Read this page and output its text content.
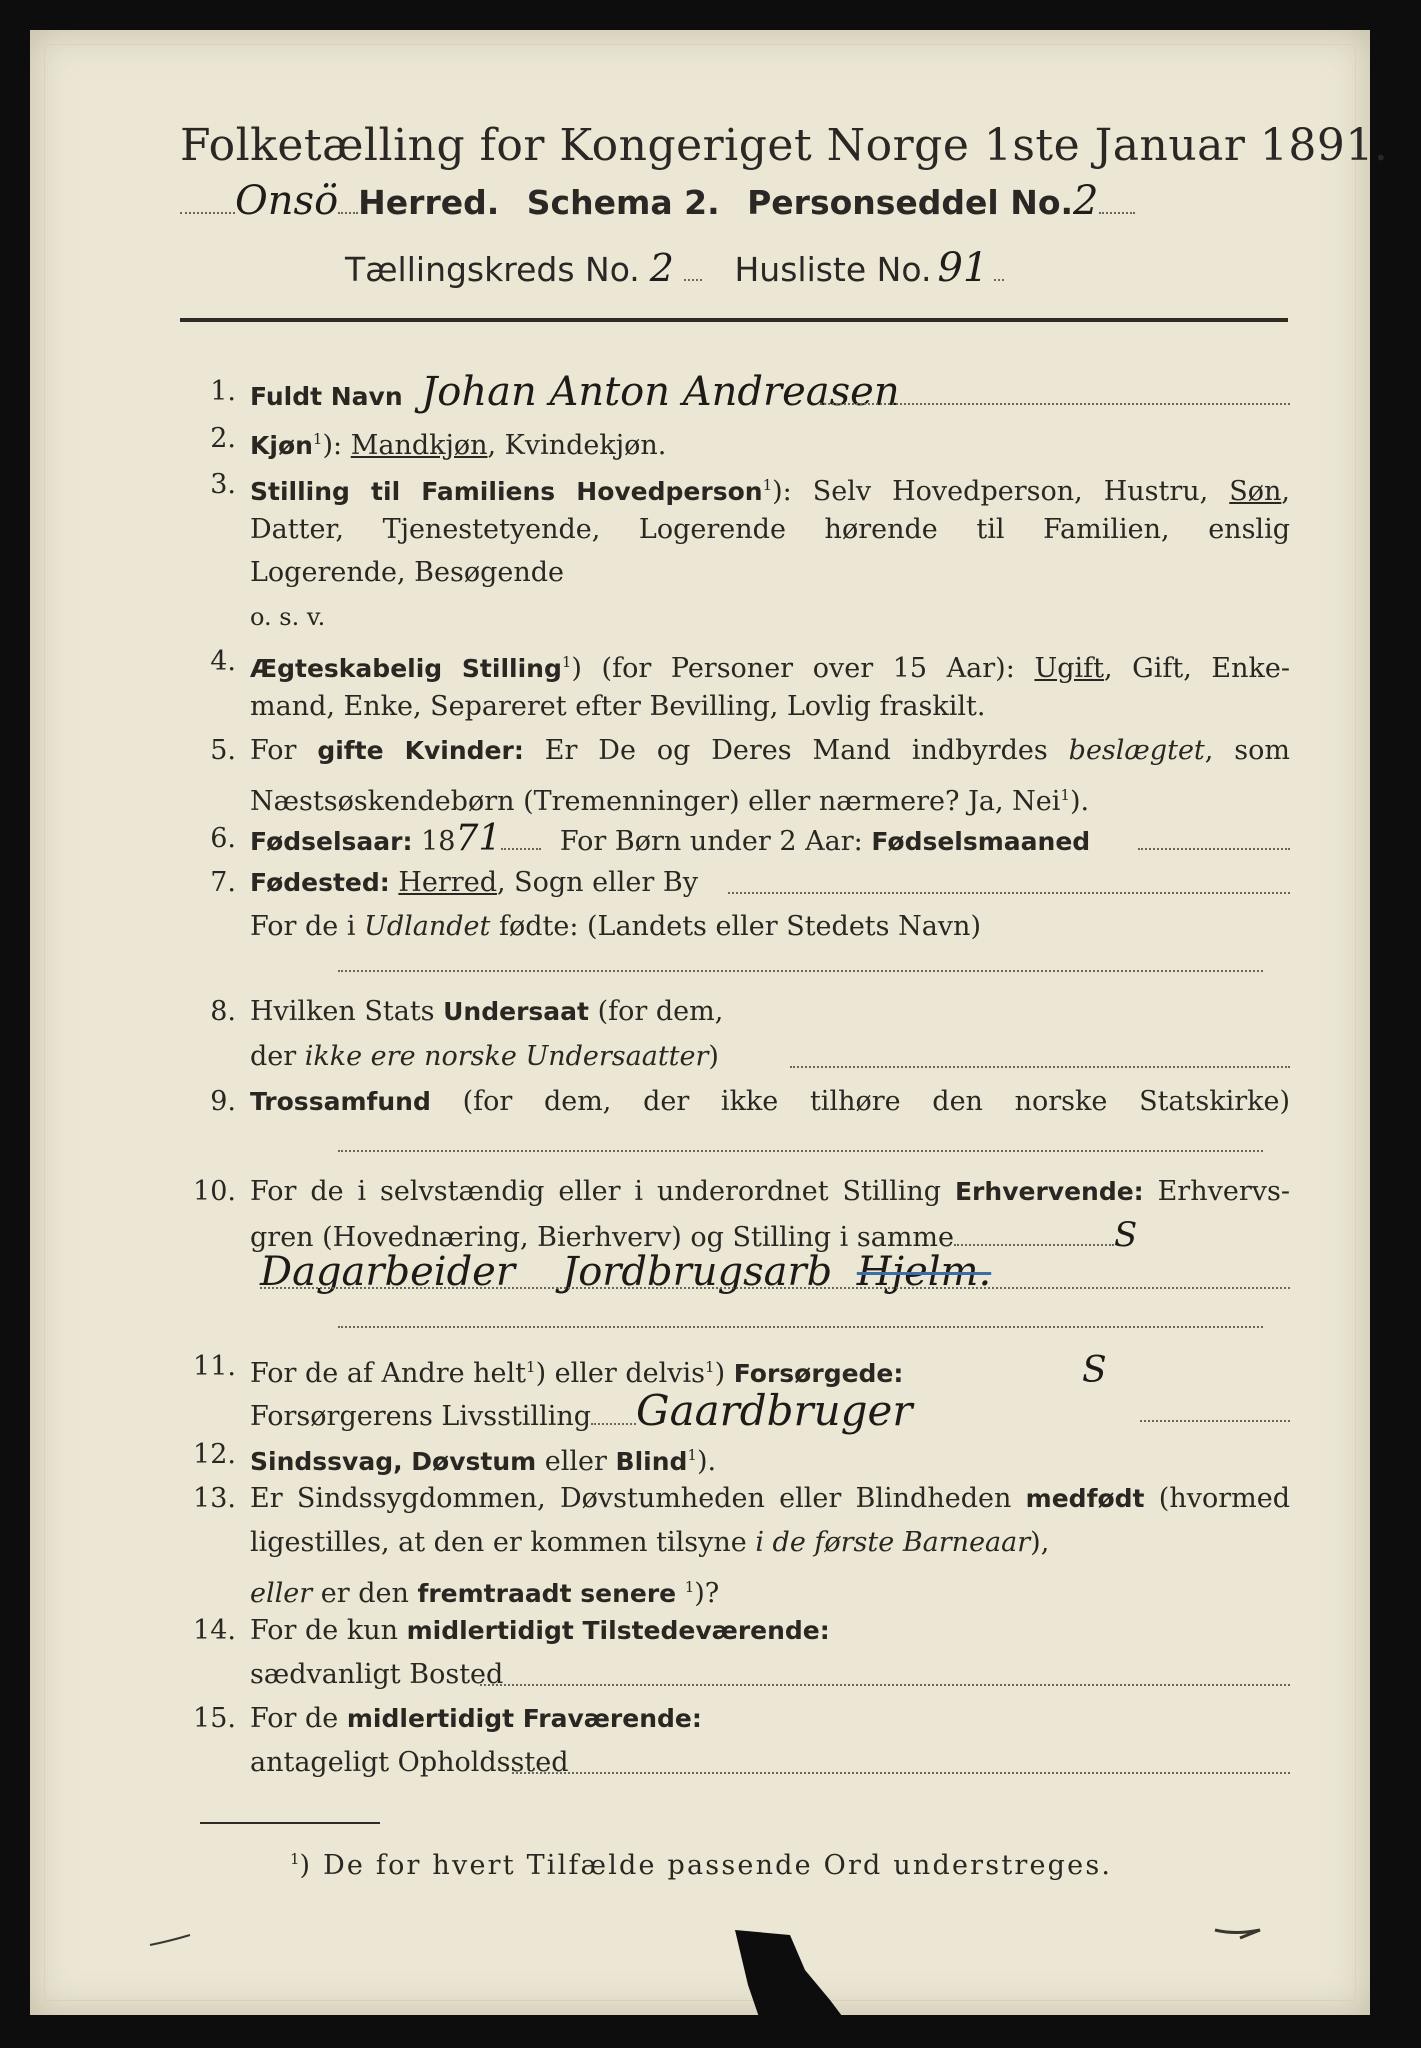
Folketælling for Kongeriget Norge 1ste Januar 1891.
Onsö Herred. Schema 2. Personseddel No.2
Tællingskreds No. 2 Husliste No. 91
1. Fuldt Navn Johan Anton Andreasen
2. Kjøn$^1$): Mandkjøn, Kvindekjøn.
3. Stilling til Familiens Hovedperson$^1$): Selv Hovedperson, Hustru, Søn,
Datter, Tjenestetyende, Logerende hørende til Familien, enslig
Logerende, Besøgende
o. s. v.
4. Ægteskabelig Stilling$^1$) (for Personer over 15 Aar): Ugift, Gift, Enke-
mand, Enke, Separeret efter Bevilling, Lovlig fraskilt.
5. For gifte Kvinder: Er De og Deres Mand indbyrdes beslægtet, som
Næstsøskendebørn (Tremenninger) eller nærmere? Ja, Nei$^1$).
6. Fødselsaar: 1871 For Børn under 2 Aar: Fødselsmaaned
7. Fødested: Herred, Sogn eller By
For de i Udlandet fødte: (Landets eller Stedets Navn)
8. Hvilken Stats Undersaat (for dem,
der ikke ere norske Undersaatter)
9. Trossamfund (for dem, der ikke tilhøre den norske Statskirke)
10. For de i selvstændig eller i underordnet Stilling Erhvervende: Erhvervs-
gren (Hovednæring, Bierhverv) og Stilling i samme	S
Dagarbeider Jordbrugsarb Hjelm.
11. For de af Andre helt$^1$) eller delvis$^1$) Forsørgede:	S
Forsørgerens Livsstilling Gaardbruger
12. Sindssvag, Døvstum eller Blind$^1$).
13. Er Sindssygdommen, Døvstumheden eller Blindheden medfødt (hvormed
ligestilles, at den er kommen tilsyne i de første Barneaar),
eller er den fremtraadt senere $^1$)?
14. For de kun midlertidigt Tilstedeværende:
sædvanligt Bosted
15. For de midlertidigt Fraværende:
antageligt Opholdssted
$^1$) De for hvert Tilfælde passende Ord understreges.
